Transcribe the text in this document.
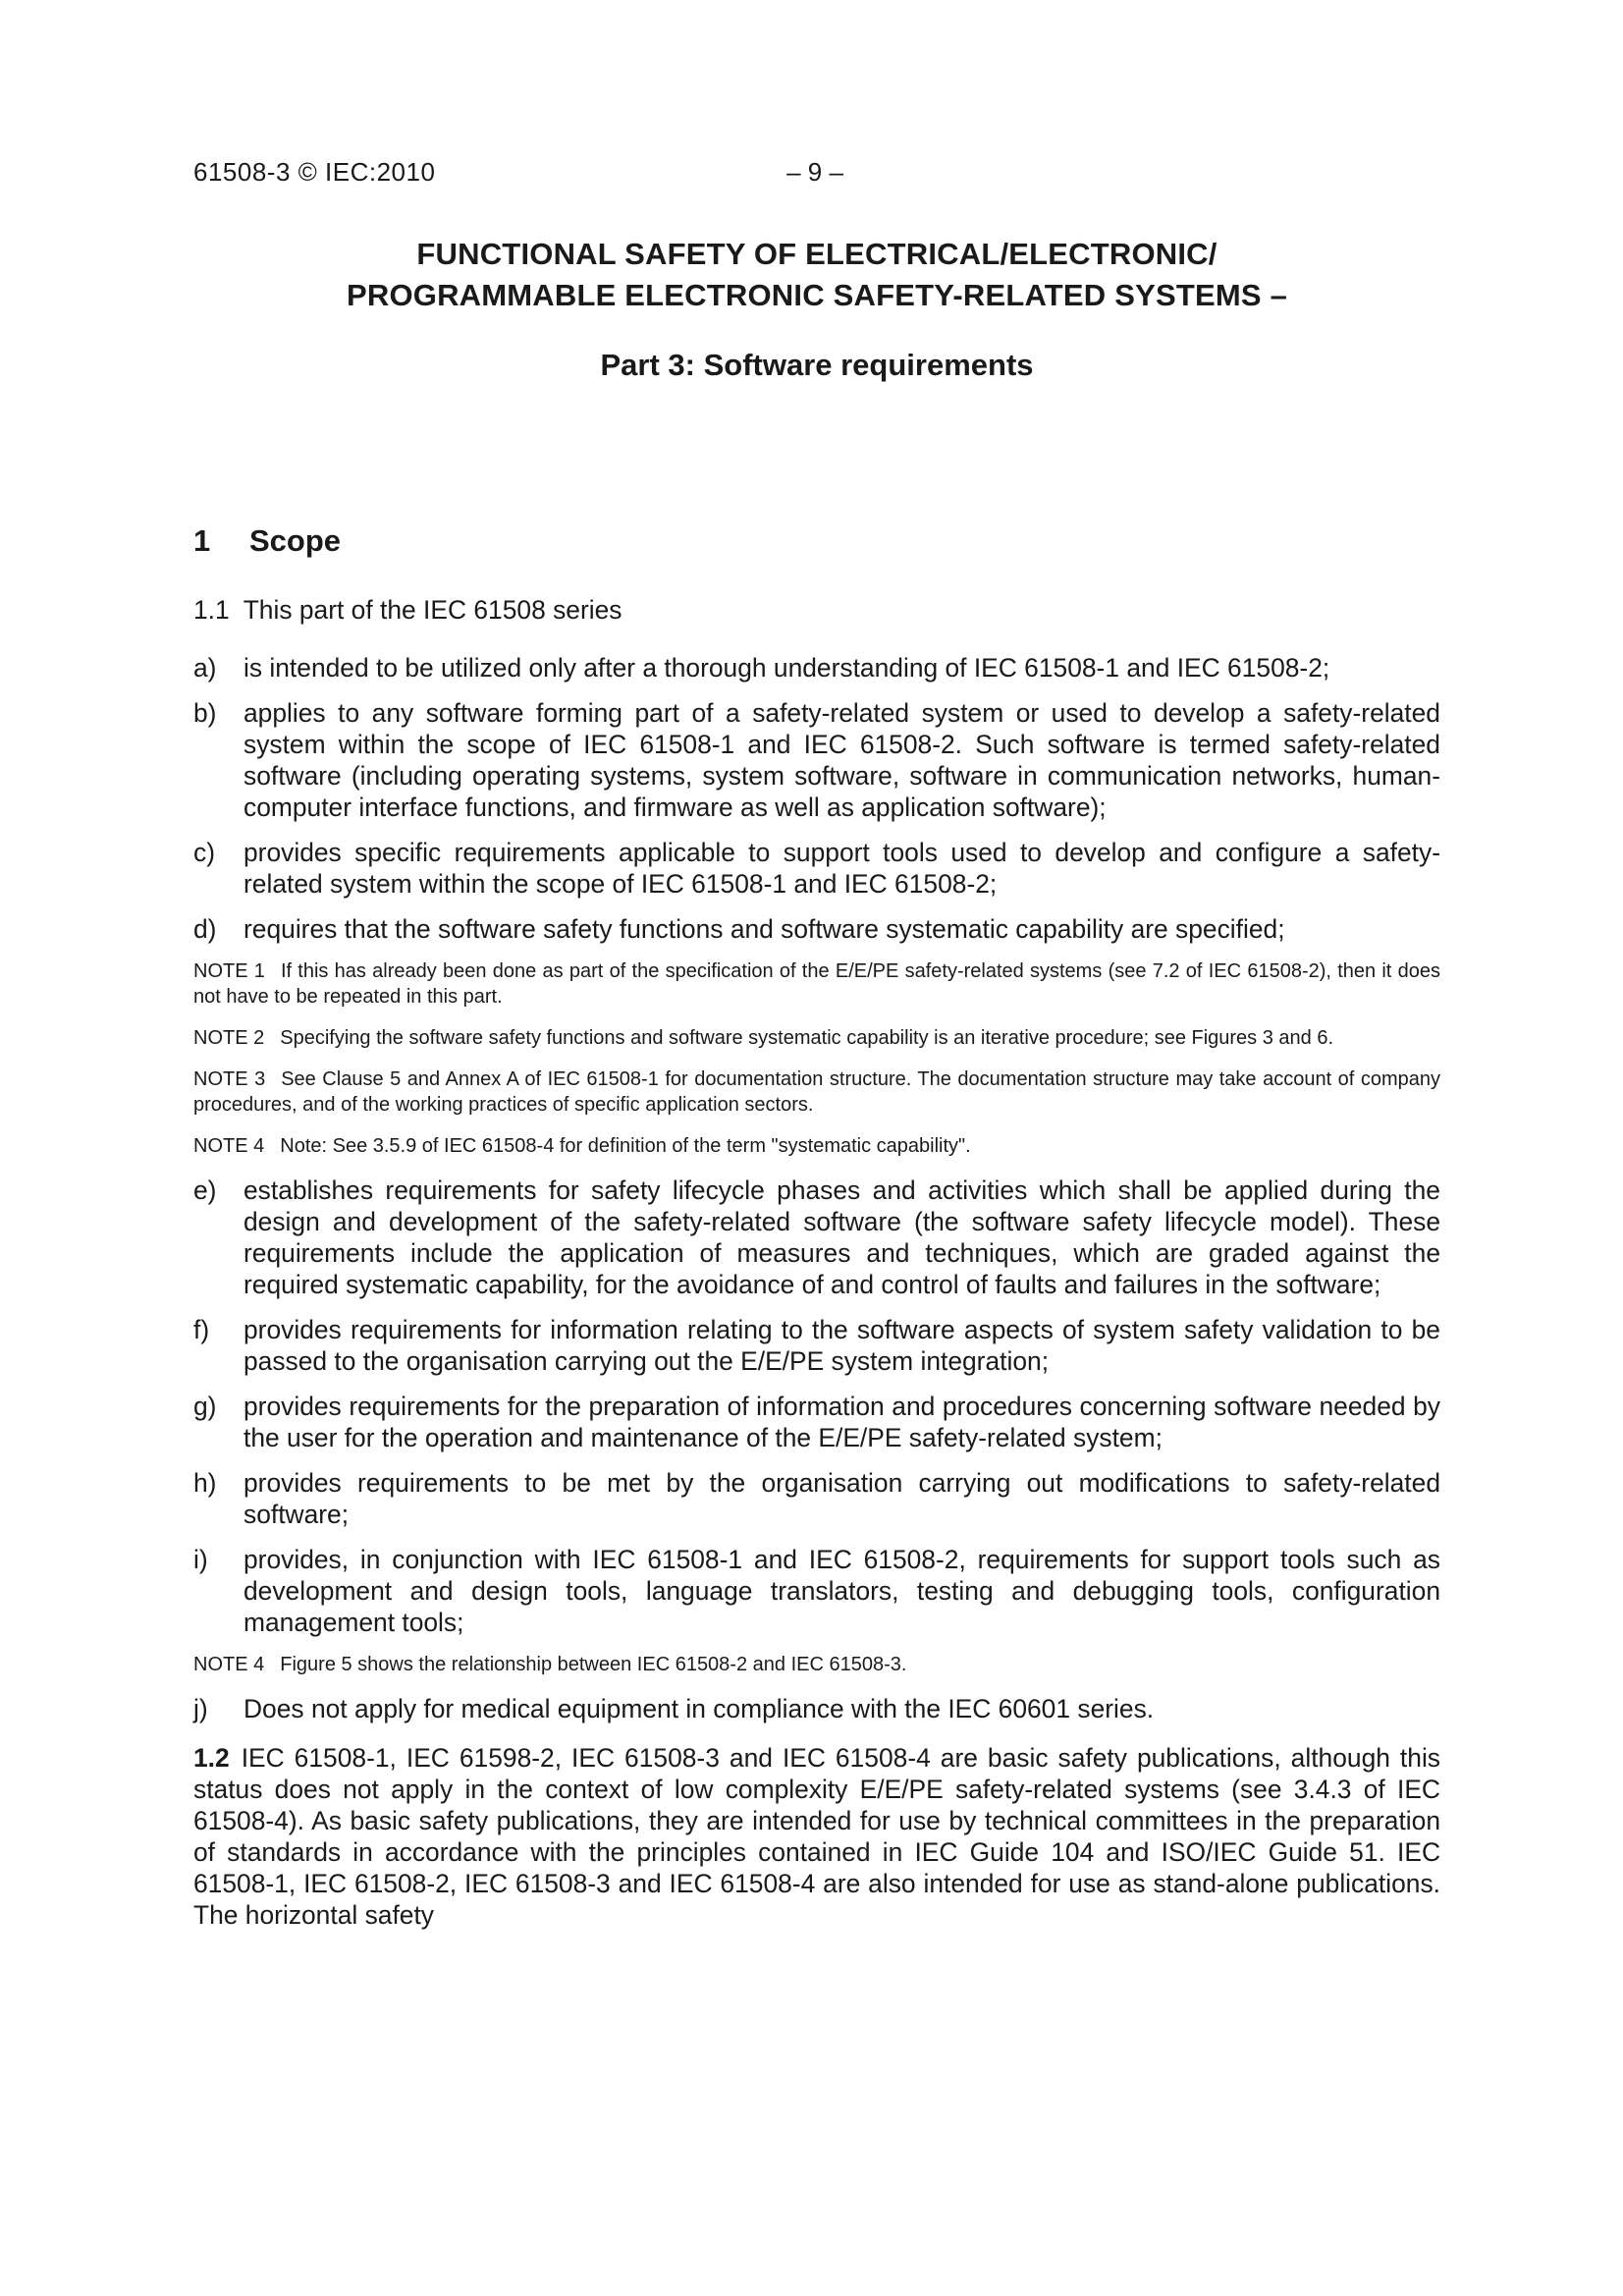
61508-3 © IEC:2010	– 9 –
FUNCTIONAL SAFETY OF ELECTRICAL/ELECTRONIC/
PROGRAMMABLE ELECTRONIC SAFETY-RELATED SYSTEMS –
Part 3: Software requirements
1 Scope

1.1 This part of the IEC 61508 series

a) is intended to be utilized only after a thorough understanding of IEC 61508-1 and IEC 61508-2;
b) applies to any software forming part of a safety-related system or used to develop a safety-related system within the scope of IEC 61508-1 and IEC 61508-2. Such software is termed safety-related software (including operating systems, system software, software in communication networks, human-computer interface functions, and firmware as well as application software);
c) provides specific requirements applicable to support tools used to develop and configure a safety-related system within the scope of IEC 61508-1 and IEC 61508-2;
d) requires that the software safety functions and software systematic capability are specified;
NOTE 1 If this has already been done as part of the specification of the E/E/PE safety-related systems (see 7.2 of IEC 61508-2), then it does not have to be repeated in this part.
NOTE 2 Specifying the software safety functions and software systematic capability is an iterative procedure; see Figures 3 and 6.
NOTE 3 See Clause 5 and Annex A of IEC 61508-1 for documentation structure. The documentation structure may take account of company procedures, and of the working practices of specific application sectors.
NOTE 4 Note: See 3.5.9 of IEC 61508-4 for definition of the term "systematic capability".
e) establishes requirements for safety lifecycle phases and activities which shall be applied during the design and development of the safety-related software (the software safety lifecycle model). These requirements include the application of measures and techniques, which are graded against the required systematic capability, for the avoidance of and control of faults and failures in the software;
f) provides requirements for information relating to the software aspects of system safety validation to be passed to the organisation carrying out the E/E/PE system integration;
g) provides requirements for the preparation of information and procedures concerning software needed by the user for the operation and maintenance of the E/E/PE safety-related system;
h) provides requirements to be met by the organisation carrying out modifications to safety-related software;
i) provides, in conjunction with IEC 61508-1 and IEC 61508-2, requirements for support tools such as development and design tools, language translators, testing and debugging tools, configuration management tools;
NOTE 4 Figure 5 shows the relationship between IEC 61508-2 and IEC 61508-3.
j) Does not apply for medical equipment in compliance with the IEC 60601 series.

1.2 IEC 61508-1, IEC 61598-2, IEC 61508-3 and IEC 61508-4 are basic safety publications, although this status does not apply in the context of low complexity E/E/PE safety-related systems (see 3.4.3 of IEC 61508-4). As basic safety publications, they are intended for use by technical committees in the preparation of standards in accordance with the principles contained in IEC Guide 104 and ISO/IEC Guide 51. IEC 61508-1, IEC 61508-2, IEC 61508-3 and IEC 61508-4 are also intended for use as stand-alone publications. The horizontal safety
